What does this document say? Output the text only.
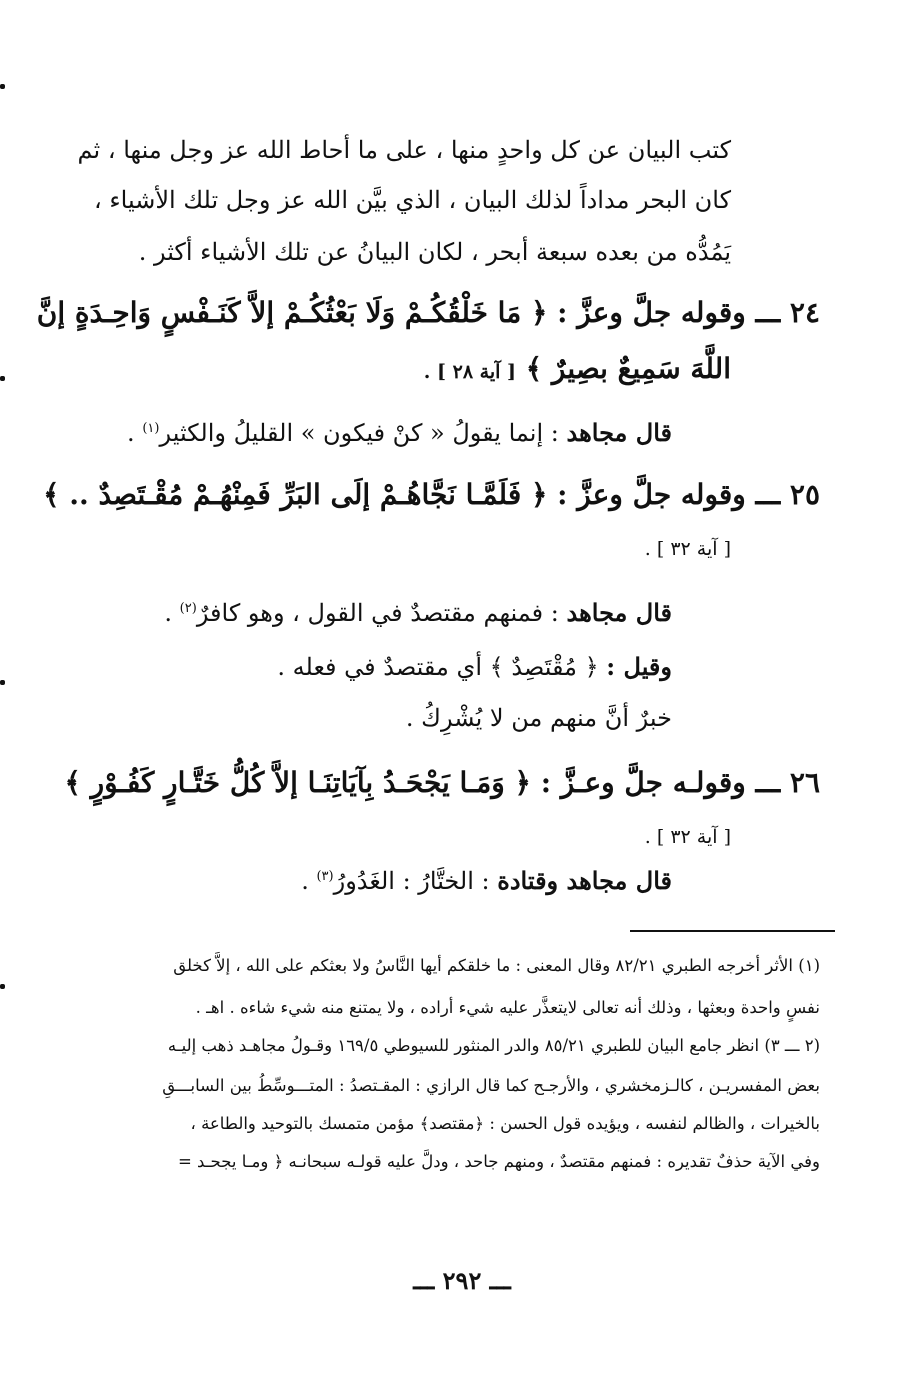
كتب البيان عن كل واحدٍ منها ، على ما أحاط الله عز وجل منها ، ثم
كان البحر مداداً لذلك البيان ، الذي بيَّن الله عز وجل تلك الأشياء ،
يَمُدُّه من بعده سبعة أبحر ، لكان البيانُ عن تلك الأشياء أكثر .
٢٤ ـــ وقوله جلَّ وعزَّ : ﴿ مَا خَلْقُكُـمْ وَلَا بَعْثُكُـمْ إلاَّ كَنَـفْسٍ وَاحِـدَةٍ إنَّ
اللَّهَ سَمِيعٌ بصِيرٌ ﴾ [ آية ٢٨ ] .
قال مجاهد : إنما يقولُ « كنْ فيكون » القليلُ والكثير$^{(١)}$ .
٢٥ ـــ وقوله جلَّ وعزَّ : ﴿ فَلَمَّـا نَجَّاهُـمْ إلَى البَرِّ فَمِنْهُـمْ مُقْـتَصِدٌ .. ﴾
[ آية ٣٢ ] .
قال مجاهد : فمنهم مقتصدٌ في القول ، وهو كافرٌ$^{(٢)}$ .
وقيل : ﴿ مُقْتَصِدٌ ﴾ أي مقتصدٌ في فعله .
خبرٌ أنَّ منهم من لا يُشْرِكُ .
٢٦ ـــ وقولـه جلَّ وعـزَّ : ﴿ وَمَـا يَجْحَـدُ بِآيَاتِنَـا إلاَّ كُلُّ خَتَّـارٍ كَفُـوْرٍ ﴾
[ آية ٣٢ ] .
قال مجاهد وقتادة : الختَّارُ : الغَدُورُ$^{(٣)}$ .
(١) الأثر أخرجه الطبري ٨٢/٢١ وقال المعنى : ما خلقكم أيها النَّاسُ ولا بعثكم على الله ، إلاَّ كخلق
نفسٍ واحدة وبعثها ، وذلك أنه تعالى لايتعذَّر عليه شيء أراده ، ولا يمتنع منه شيء شاءه . اهـ .
(٢ ـــ ٣) انظر جامع البيان للطبري ٨٥/٢١ والدر المنثور للسيوطي ١٦٩/٥ وقـولُ مجاهـد ذهب إليـه
بعض المفسريـن ، كالـزمخشري ، والأرجـح كما قال الرازي : المقـتصدُ : المتـــوسِّطُ بين السابـــقِ
بالخيرات ، والظالم لنفسه ، ويؤيده قول الحسن : ﴿مقتصد﴾ مؤمن متمسك بالتوحيد والطاعة ،
وفي الآية حذفٌ تقديره : فمنهم مقتصدٌ ، ومنهم جاحد ، ودلَّ عليه قولـه سبحانـه ﴿ ومـا يجحـد =
ـــ ٢٩٢ ـــ
